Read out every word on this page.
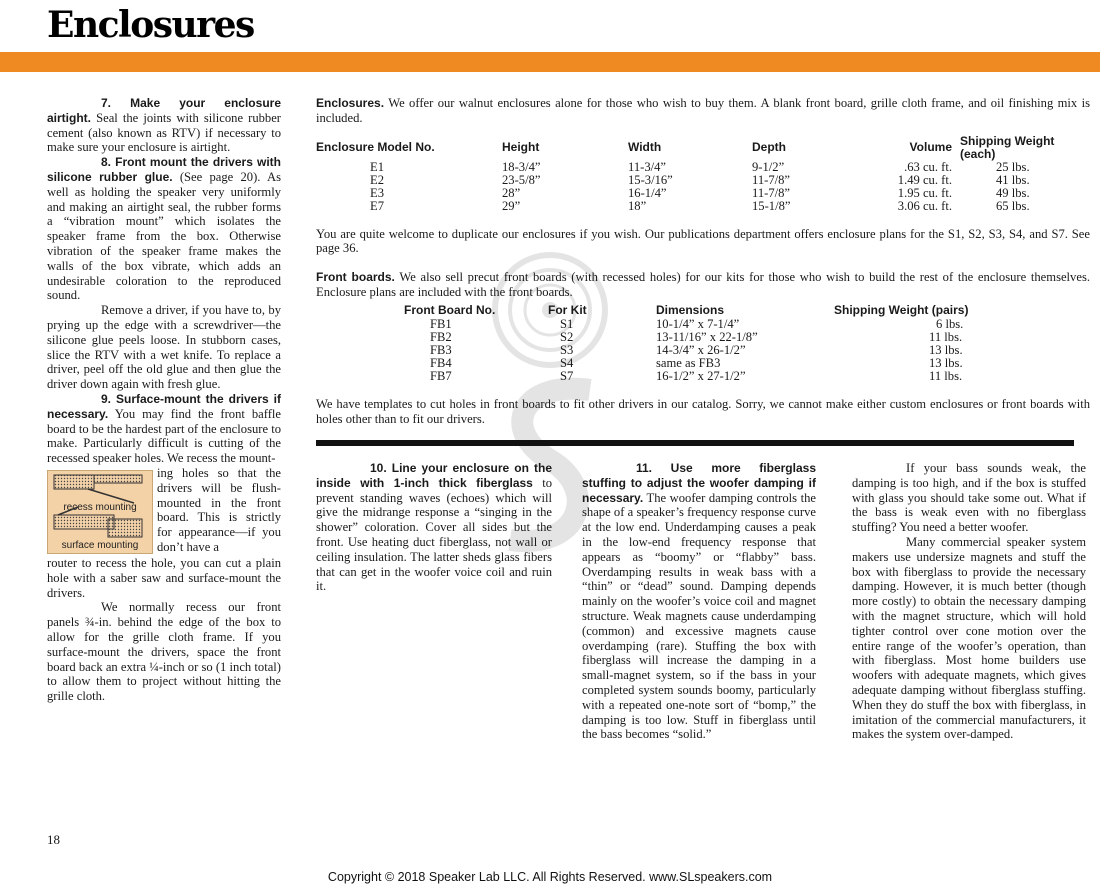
Enclosures

7. Make your enclosure airtight. Seal the joints with silicone rubber cement (also known as RTV) if necessary to make sure your enclosure is airtight.

8. Front mount the drivers with silicone rubber glue. (See page 20). As well as holding the speaker very uniformly and making an airtight seal, the rubber forms a “vibration mount” which isolates the speaker frame from the box. Otherwise vibration of the speaker frame makes the walls of the box vibrate, which adds an undesirable coloration to the reproduced sound.

Remove a driver, if you have to, by prying up the edge with a screwdriver—the silicone glue peels loose. In stubborn cases, slice the RTV with a wet knife. To replace a driver, peel off the old glue and then glue the driver down again with fresh glue.

9. Surface-mount the drivers if necessary. You may find the front baffle board to be the hardest part of the enclosure to make. Particularly difficult is cutting of the recessed speaker holes. We recess the mount-

recess mounting
surface mounting

ing holes so that the drivers will be flush-mounted in the front board. This is strictly for appearance—if you don’t have a

router to recess the hole, you can cut a plain hole with a saber saw and surface-mount the drivers.

We normally recess our front panels ¾-in. behind the edge of the box to allow for the grille cloth frame. If you surface-mount the drivers, space the front board back an extra ¼-inch or so (1 inch total) to allow them to project without hitting the grille cloth.

Enclosures. We offer our walnut enclosures alone for those who wish to buy them. A blank front board, grille cloth frame, and oil finishing mix is included.

Enclosure Model No.	Height	Width	Depth	Volume	Shipping Weight (each)
E1	18-3/4”	11-3/4”	9-1/2”	.63 cu. ft.	25 lbs.
E2	23-5/8”	15-3/16”	11-7/8”	1.49 cu. ft.	41 lbs.
E3	28”	16-1/4”	11-7/8”	1.95 cu. ft.	49 lbs.
E7	29”	18”	15-1/8”	3.06 cu. ft.	65 lbs.

You are quite welcome to duplicate our enclosures if you wish. Our publications department offers enclosure plans for the S1, S2, S3, S4, and S7. See page 36.

Front boards. We also sell precut front boards (with recessed holes) for our kits for those who wish to build the rest of the enclosure themselves. Enclosure plans are included with the front boards.

Front Board No.	For Kit	Dimensions	Shipping Weight (pairs)
FB1	S1	10-1/4” x 7-1/4”	6 lbs.
FB2	S2	13-11/16” x 22-1/8”	11 lbs.
FB3	S3	14-3/4” x 26-1/2”	13 lbs.
FB4	S4	same as FB3	13 lbs.
FB7	S7	16-1/2” x 27-1/2”	11 lbs.

We have templates to cut holes in front boards to fit other drivers in our catalog. Sorry, we cannot make either custom enclosures or front boards with holes other than to fit our drivers.

10. Line your enclosure on the inside with 1-inch thick fiberglass to prevent standing waves (echoes) which will give the midrange response a “singing in the shower” coloration. Cover all sides but the front. Use heating duct fiberglass, not wall or ceiling insulation. The latter sheds glass fibers that can get in the woofer voice coil and ruin it.

11. Use more fiberglass stuffing to adjust the woofer damping if necessary. The woofer damping controls the shape of a speaker’s frequency response curve at the low end. Underdamping causes a peak in the low-end frequency response that appears as “boomy” or “flabby” bass. Overdamping results in weak bass with a “thin” or “dead” sound. Damping depends mainly on the woofer’s voice coil and magnet structure. Weak magnets cause underdamping (common) and excessive magnets cause overdamping (rare). Stuffing the box with fiberglass will increase the damping in a small-magnet system, so if the bass in your completed system sounds boomy, particularly with a repeated one-note sort of “bomp,” the damping is too low. Stuff in fiberglass until the bass becomes “solid.”

If your bass sounds weak, the damping is too high, and if the box is stuffed with glass you should take some out. What if the bass is weak even with no fiberglass stuffing? You need a better woofer.

Many commercial speaker system makers use undersize magnets and stuff the box with fiberglass to provide the necessary damping. However, it is much better (though more costly) to obtain the necessary damping with the magnet structure, which will hold tighter control over cone motion over the entire range of the woofer’s operation, than with fiberglass. Most home builders use woofers with adequate magnets, which gives adequate damping without fiberglass stuffing. When they do stuff the box with fiberglass, in imitation of the commercial manufacturers, it makes the system over-damped.

18
Copyright © 2018 Speaker Lab LLC. All Rights Reserved. www.SLspeakers.com
